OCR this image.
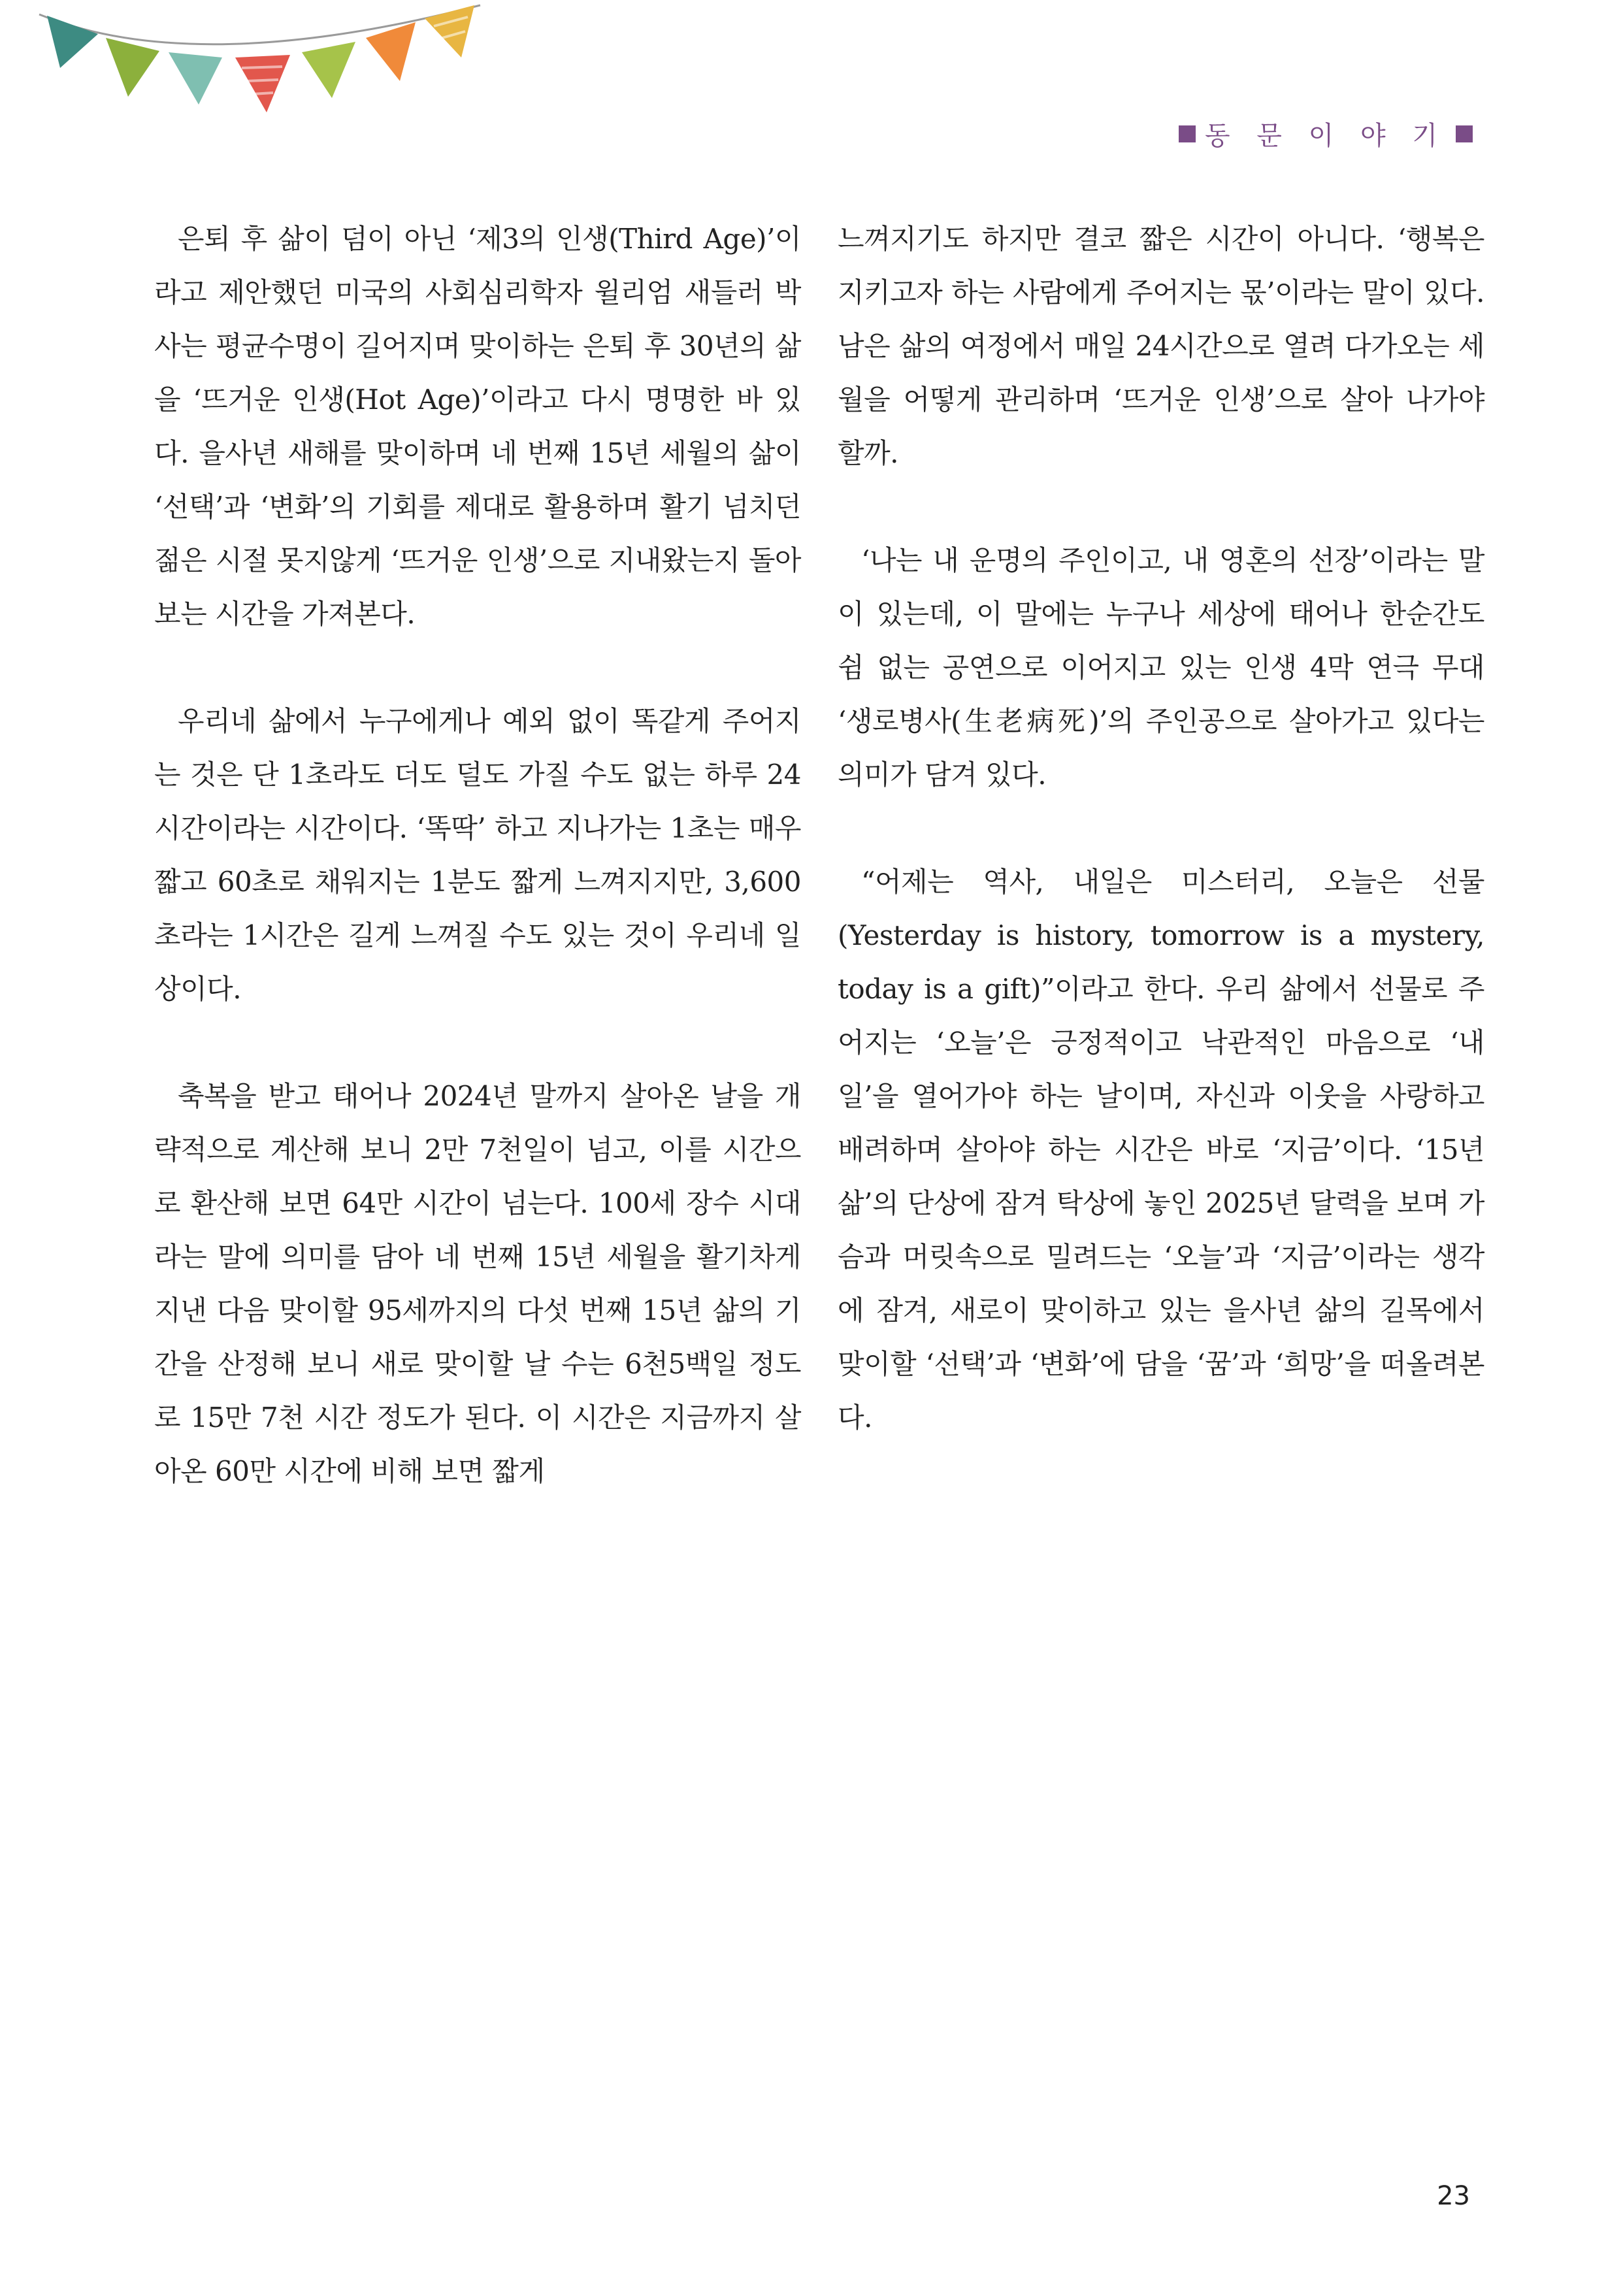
동 문 이 야 기

은퇴 후 삶이 덤이 아닌 ‘제3의 인생(Third Age)’이라고 제안했던 미국의 사회심리학자 윌리엄 새들러 박사는 평균수명이 길어지며 맞이하는 은퇴 후 30년의 삶을 ‘뜨거운 인생(Hot Age)’이라고 다시 명명한 바 있다. 을사년 새해를 맞이하며 네 번째 15년 세월의 삶이 ‘선택’과 ‘변화’의 기회를 제대로 활용하며 활기 넘치던 젊은 시절 못지않게 ‘뜨거운 인생’으로 지내왔는지 돌아보는 시간을 가져본다.

우리네 삶에서 누구에게나 예외 없이 똑같게 주어지는 것은 단 1초라도 더도 덜도 가질 수도 없는 하루 24시간이라는 시간이다. ‘똑딱’ 하고 지나가는 1초는 매우 짧고 60초로 채워지는 1분도 짧게 느껴지지만, 3,600초라는 1시간은 길게 느껴질 수도 있는 것이 우리네 일상이다.

축복을 받고 태어나 2024년 말까지 살아온 날을 개략적으로 계산해 보니 2만 7천일이 넘고, 이를 시간으로 환산해 보면 64만 시간이 넘는다. 100세 장수 시대라는 말에 의미를 담아 네 번째 15년 세월을 활기차게 지낸 다음 맞이할 95세까지의 다섯 번째 15년 삶의 기간을 산정해 보니 새로 맞이할 날 수는 6천5백일 정도로 15만 7천 시간 정도가 된다. 이 시간은 지금까지 살아온 60만 시간에 비해 보면 짧게

느껴지기도 하지만 결코 짧은 시간이 아니다. ‘행복은 지키고자 하는 사람에게 주어지는 몫’이라는 말이 있다. 남은 삶의 여정에서 매일 24시간으로 열려 다가오는 세월을 어떻게 관리하며 ‘뜨거운 인생’으로 살아 나가야 할까.

‘나는 내 운명의 주인이고, 내 영혼의 선장’이라는 말이 있는데, 이 말에는 누구나 세상에 태어나 한순간도 쉼 없는 공연으로 이어지고 있는 인생 4막 연극 무대 ‘생로병사(生老病死)’의 주인공으로 살아가고 있다는 의미가 담겨 있다.

“어제는 역사, 내일은 미스터리, 오늘은 선물(Yesterday is history, tomorrow is a mystery, today is a gift)”이라고 한다. 우리 삶에서 선물로 주어지는 ‘오늘’은 긍정적이고 낙관적인 마음으로 ‘내일’을 열어가야 하는 날이며, 자신과 이웃을 사랑하고 배려하며 살아야 하는 시간은 바로 ‘지금’이다. ‘15년 삶’의 단상에 잠겨 탁상에 놓인 2025년 달력을 보며 가슴과 머릿속으로 밀려드는 ‘오늘’과 ‘지금’이라는 생각에 잠겨, 새로이 맞이하고 있는 을사년 삶의 길목에서 맞이할 ‘선택’과 ‘변화’에 담을 ‘꿈’과 ‘희망’을 떠올려본다.

23
